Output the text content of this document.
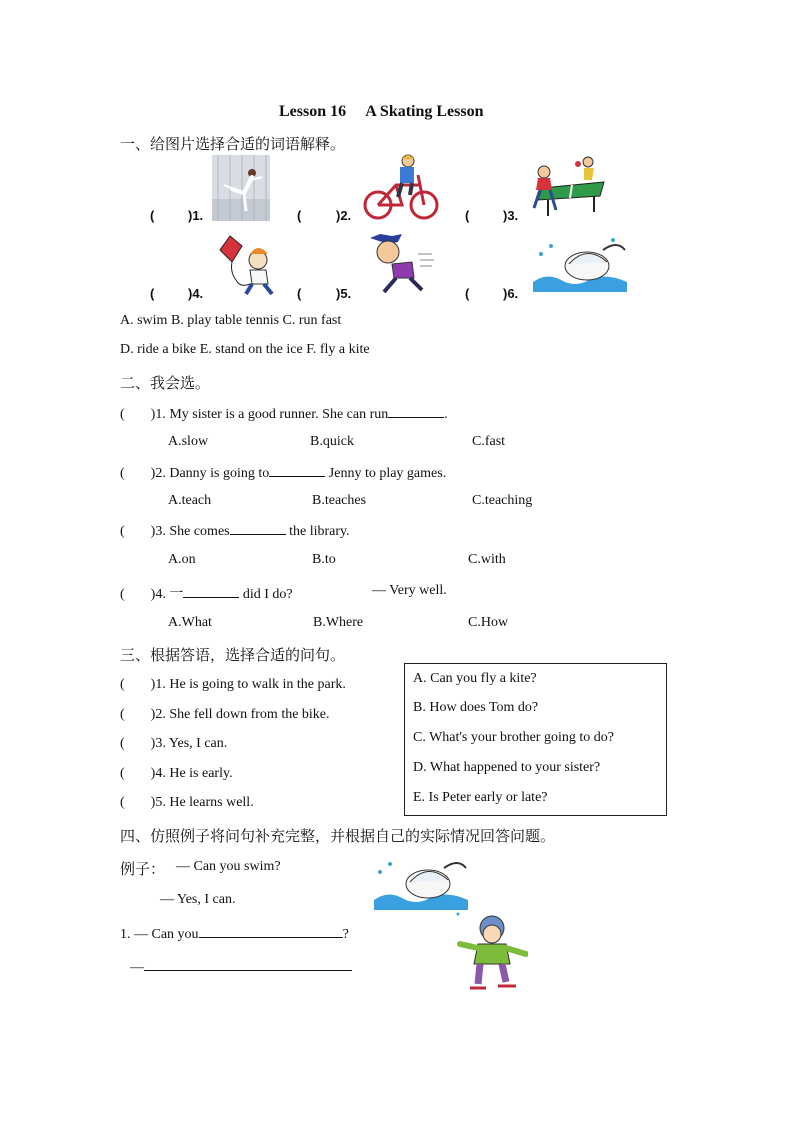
Lesson 16　 A Skating Lesson
一、给图片选择合适的词语解释。
(	)1.	(	)2.	(	)3.
(	)4.	(	)5.	(	)6.
A. swim B. play table tennis C. run fast
D. ride a bike E. stand on the ice F. fly a kite
二、我会选。
( )1. My sister is a good runner. She can run	.
A.slow	B.quick	C.fast
( )2. Danny is going to	Jenny to play games.
A.teach	B.teaches	C.teaching
( )3. She comes	the library.
A.on	B.to	C.with
( )4. 一	did I do?	— Very well.
A.What	B.Where	C.How
三、根据答语，选择合适的问句。
( )1. He is going to walk in the park.
( )2. She fell down from the bike.
( )3. Yes, I can.
( )4. He is early.
( )5. He learns well.
A. Can you fly a kite?
B. How does Tom do?
C. What's your brother going to do?
D. What happened to your sister?
E. Is Peter early or late?
四、仿照例子将问句补充完整，并根据自己的实际情况回答问题。
例子： — Can you swim?
— Yes, I can.
1. — Can you	?
—
